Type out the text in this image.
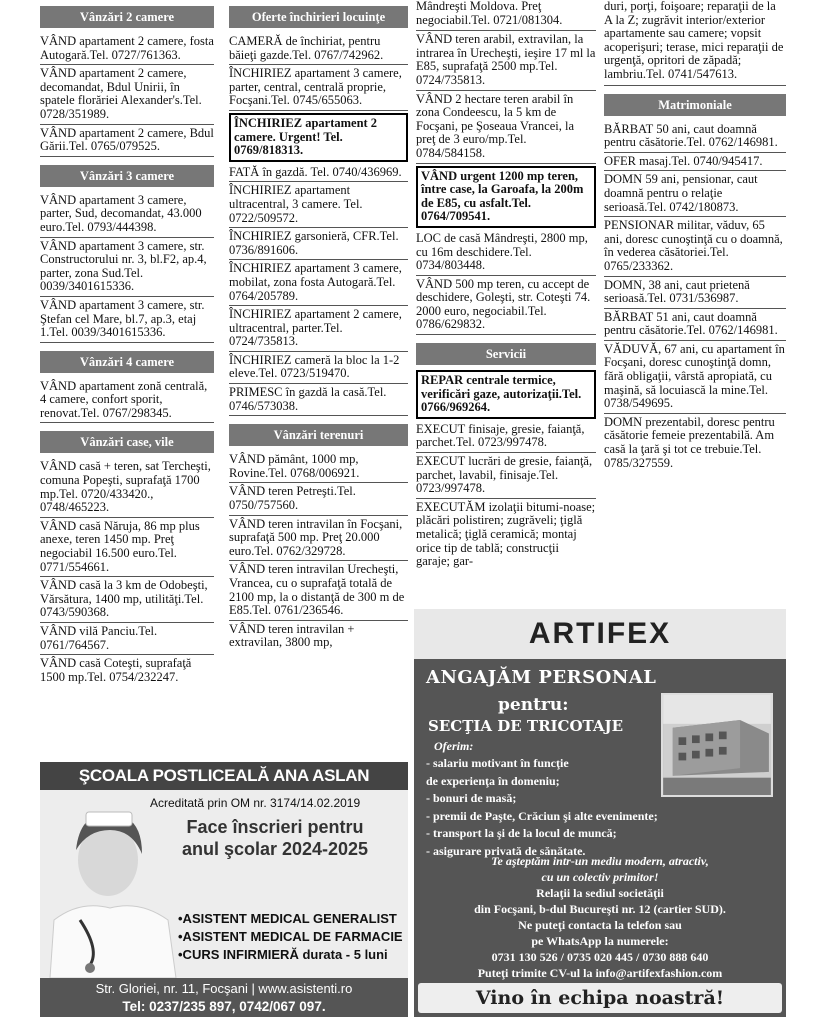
Vânzări 2 camere
VÂND apartament 2 camere, fosta Autogară.Tel. 0727/761363.
VÂND apartament 2 camere, decomandat, Bdul Unirii, în spatele florăriei Alexander's.Tel. 0728/351989.
VÂND apartament 2 camere, Bdul Gării.Tel. 0765/079525.
Vânzări 3 camere
VÂND apartament 3 camere, parter, Sud, decomandat, 43.000 euro.Tel. 0793/444398.
VÂND apartament 3 camere, str. Constructorului nr. 3, bl.F2, ap.4, parter, zona Sud.Tel. 0039/3401615336.
VÂND apartament 3 camere, str. Ştefan cel Mare, bl.7, ap.3, etaj 1.Tel. 0039/3401615336.
Vânzări 4 camere
VÂND apartament zonă centrală, 4 camere, confort sporit, renovat.Tel. 0767/298345.
Vânzări case, vile
VÂND casă + teren, sat Tercheşti, comuna Popeşti, suprafaţă 1700 mp.Tel. 0720/433420., 0748/465223.
VÂND casă Năruja, 86 mp plus anexe, teren 1450 mp. Preţ negociabil 16.500 euro.Tel. 0771/554661.
VÂND casă la 3 km de Odobeşti, Vărsătura, 1400 mp, utilităţi.Tel. 0743/590368.
VÂND vilă Panciu.Tel. 0761/764567.
VÂND casă Coteşti, suprafaţă 1500 mp.Tel. 0754/232247.
Oferte închirieri locuinţe
CAMERĂ de închiriat, pentru băieţi gazde.Tel. 0767/742962.
ÎNCHIRIEZ apartament 3 camere, parter, central, centrală proprie, Focşani.Tel. 0745/655063.
ÎNCHIRIEZ apartament 2 camere. Urgent! Tel. 0769/818313.
FATĂ în gazdă. Tel. 0740/436969.
ÎNCHIRIEZ apartament ultracentral, 3 camere. Tel. 0722/509572.
ÎNCHIRIEZ garsonieră, CFR.Tel. 0736/891606.
ÎNCHIRIEZ apartament 3 camere, mobilat, zona fosta Autogară.Tel. 0764/205789.
ÎNCHIRIEZ apartament 2 camere, ultracentral, parter.Tel. 0724/735813.
ÎNCHIRIEZ cameră la bloc la 1-2 eleve.Tel. 0723/519470.
PRIMESC în gazdă la casă.Tel. 0746/573038.
Vânzări terenuri
VÂND pământ, 1000 mp, Rovine.Tel. 0768/006921.
VÂND teren Petreşti.Tel. 0750/757560.
VÂND teren intravilan în Focşani, suprafaţă 500 mp. Preţ 20.000 euro.Tel. 0762/329728.
VÂND teren intravilan Urecheşti, Vrancea, cu o suprafaţă totală de 2100 mp, la o distanţă de 300 m de E85.Tel. 0761/236546.
VÂND teren intravilan + extravilan, 3800 mp,
Mândreşti Moldova. Preţ negociabil.Tel. 0721/081304.
VÂND teren arabil, extravilan, la intrarea în Urecheşti, ieşire 17 ml la E85, suprafaţă 2500 mp.Tel. 0724/735813.
VÂND 2 hectare teren arabil în zona Condeescu, la 5 km de Focşani, pe Şoseaua Vrancei, la preţ de 3 euro/mp.Tel. 0784/584158.
VÂND urgent 1200 mp teren, între case, la Garoafa, la 200m de E85, cu asfalt.Tel. 0764/709541.
LOC de casă Mândreşti, 2800 mp, cu 16m deschidere.Tel. 0734/803448.
VÂND 500 mp teren, cu accept de deschidere, Goleşti, str. Coteşti 74. 2000 euro, negociabil.Tel. 0786/629832.
Servicii
REPAR centrale termice, verificări gaze, autorizaţii.Tel. 0766/969264.
EXECUT finisaje, gresie, faianţă, parchet.Tel. 0723/997478.
EXECUT lucrări de gresie, faianţă, parchet, lavabil, finisaje.Tel. 0723/997478.
EXECUTĂM izolaţii bitumi-noase; plăcări polistiren; zugrăveli; ţiglă metalică; ţiglă ceramică; montaj orice tip de tablă; construcţii garaje; gar-
duri, porţi, foişoare; reparaţii de la A la Z; zugrăvit interior/exterior apartamente sau camere; vopsit acoperişuri; terase, mici reparaţii de urgenţă, opritori de zăpadă; lambriu.Tel. 0741/547613.
Matrimoniale
BĂRBAT 50 ani, caut doamnă pentru căsătorie.Tel. 0762/146981.
OFER masaj.Tel. 0740/945417.
DOMN 59 ani, pensionar, caut doamnă pentru o relaţie serioasă.Tel. 0742/180873.
PENSIONAR militar, văduv, 65 ani, doresc cunoştinţă cu o doamnă, în vederea căsătoriei.Tel. 0765/233362.
DOMN, 38 ani, caut prietenă serioasă.Tel. 0731/536987.
BĂRBAT 51 ani, caut doamnă pentru căsătorie.Tel. 0762/146981.
VĂDUVĂ, 67 ani, cu apartament în Focşani, doresc cunoştinţă domn, fără obligaţii, vârstă apropiată, cu maşină, să locuiască la mine.Tel. 0738/549695.
DOMN prezentabil, doresc pentru căsătorie femeie prezentabilă. Am casă la ţară şi tot ce trebuie.Tel. 0785/327559.
ŞCOALA POSTLICEALĂ ANA ASLAN
Acreditată prin OM nr. 3174/14.02.2019
Face înscrieri pentru
anul şcolar 2024-2025
•ASISTENT MEDICAL GENERALIST
•ASISTENT MEDICAL DE FARMACIE
•CURS INFIRMIERĂ durata - 5 luni
Str. Gloriei, nr. 11, Focşani | www.asistenti.ro
Tel: 0237/235 897, 0742/067 097.
ARTIFEX
ANGAJĂM PERSONAL
pentru:
SECŢIA DE TRICOTAJE
Oferim:
- salariu motivant în funcţie
de experienţa în domeniu;
- bonuri de masă;
- premii de Paşte, Crăciun şi alte evenimente;
- transport la şi de la locul de muncă;
- asigurare privată de sănătate.
Te aşteptăm intr-un mediu modern, atractiv,
cu un colectiv primitor!
Relaţii la sediul societăţii
din Focşani, b-dul Bucureşti nr. 12 (cartier SUD).
Ne puteţi contacta la telefon sau
pe WhatsApp la numerele:
0731 130 526 / 0735 020 445 / 0730 888 640
Puteţi trimite CV-ul la info@artifexfashion.com
Vino în echipa noastră!
